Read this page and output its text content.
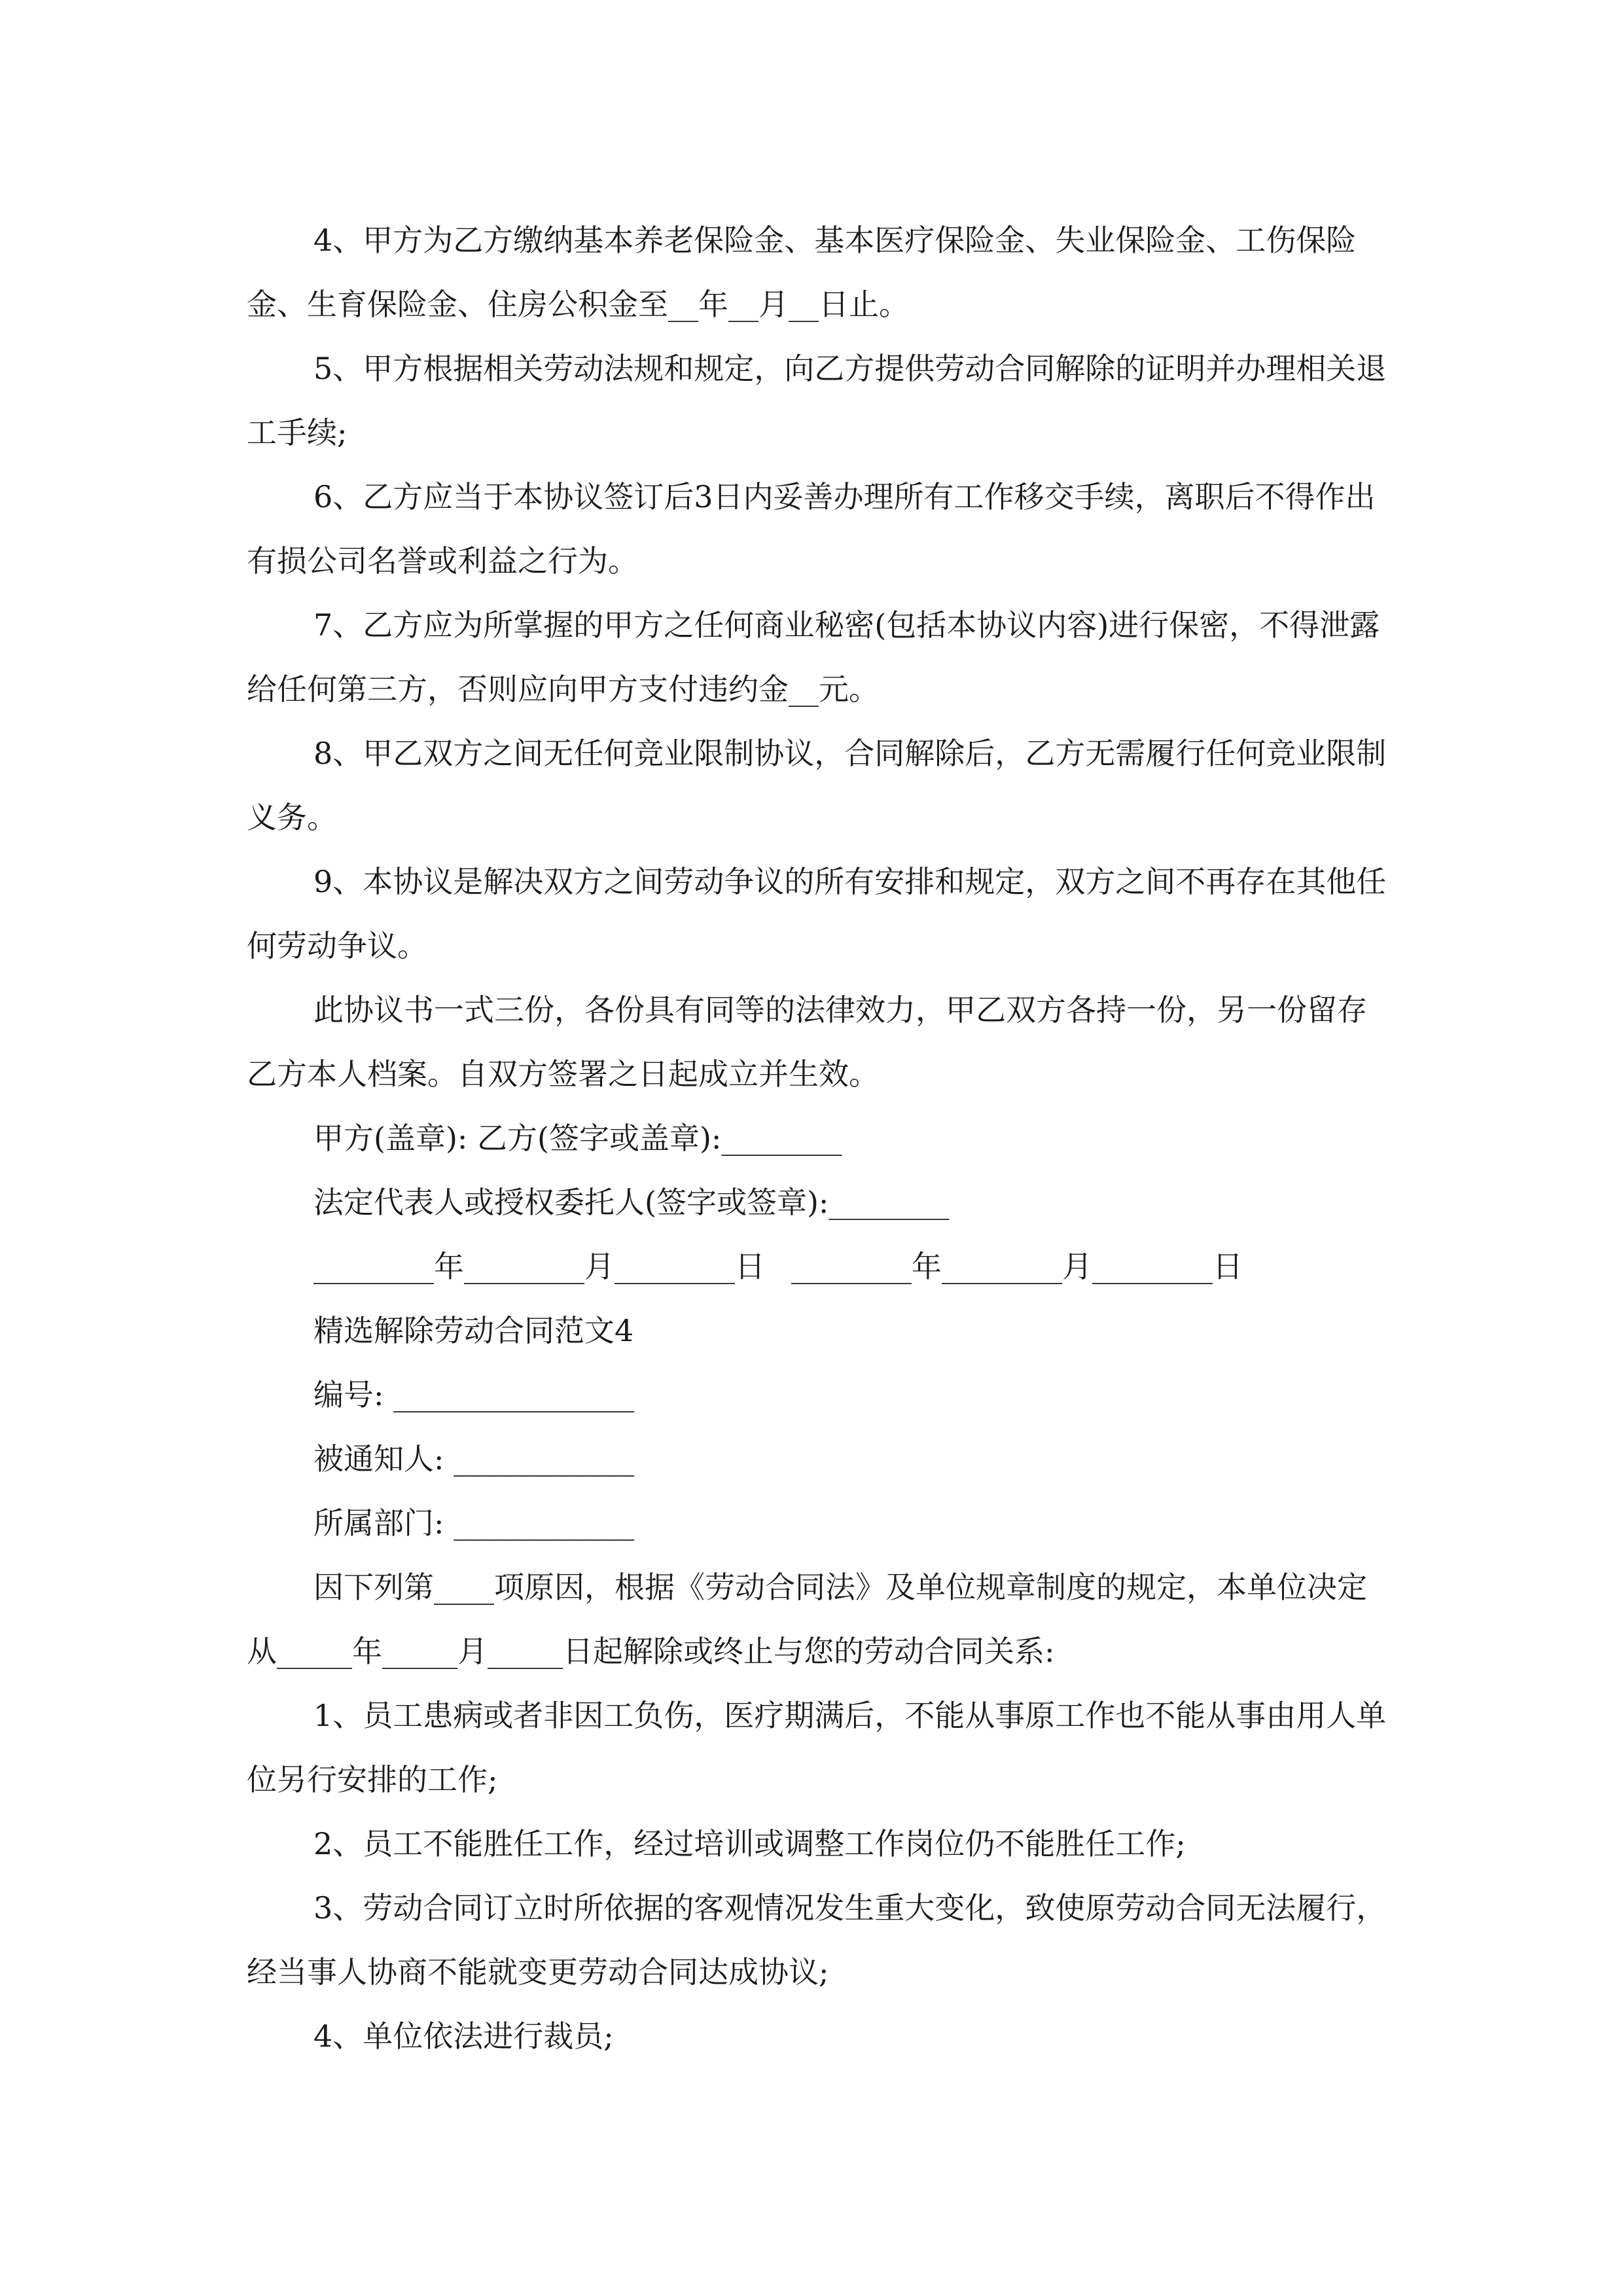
4、甲方为乙方缴纳基本养老保险金、基本医疗保险金、失业保险金、工伤保险金、生育保险金、住房公积金至__年__月__日止。

5、甲方根据相关劳动法规和规定，向乙方提供劳动合同解除的证明并办理相关退工手续;

6、乙方应当于本协议签订后3日内妥善办理所有工作移交手续，离职后不得作出有损公司名誉或利益之行为。

7、乙方应为所掌握的甲方之任何商业秘密(包括本协议内容)进行保密，不得泄露给任何第三方，否则应向甲方支付违约金__元。

8、甲乙双方之间无任何竞业限制协议，合同解除后，乙方无需履行任何竞业限制义务。

9、本协议是解决双方之间劳动争议的所有安排和规定，双方之间不再存在其他任何劳动争议。

此协议书一式三份，各份具有同等的法律效力，甲乙双方各持一份，另一份留存乙方本人档案。自双方签署之日起成立并生效。

甲方(盖章): 乙方(签字或盖章):________

法定代表人或授权委托人(签字或签章):________

________年________月________日 ________年________月________日

精选解除劳动合同范文4

编号: ________________

被通知人: ____________

所属部门: ____________

因下列第____项原因，根据《劳动合同法》及单位规章制度的规定，本单位决定从_____年_____月_____日起解除或终止与您的劳动合同关系:

1、员工患病或者非因工负伤，医疗期满后，不能从事原工作也不能从事由用人单位另行安排的工作;

2、员工不能胜任工作，经过培训或调整工作岗位仍不能胜任工作;

3、劳动合同订立时所依据的客观情况发生重大变化，致使原劳动合同无法履行，经当事人协商不能就变更劳动合同达成协议;

4、单位依法进行裁员;
